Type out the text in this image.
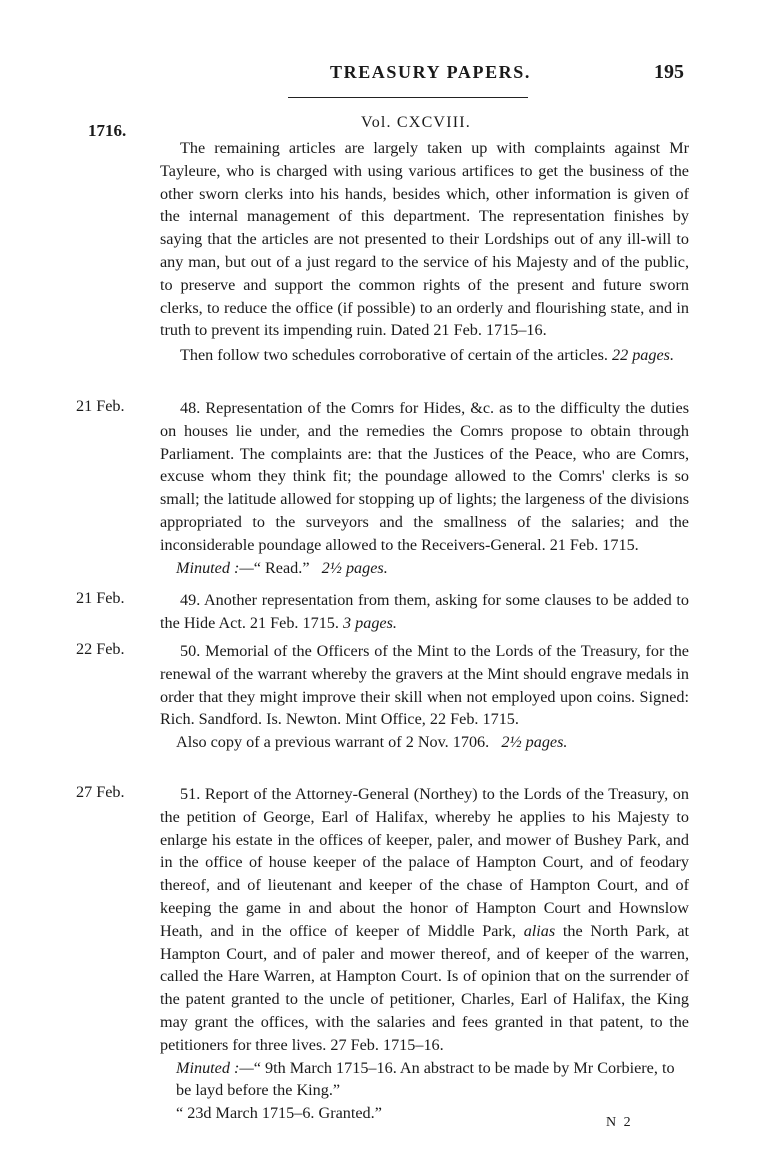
TREASURY PAPERS.	195
Vol. CXCVIII.
1716.

The remaining articles are largely taken up with complaints against Mr Tayleure, who is charged with using various artifices to get the business of the other sworn clerks into his hands, besides which, other information is given of the internal management of this department. The representation finishes by saying that the articles are not presented to their Lordships out of any ill-will to any man, but out of a just regard to the service of his Majesty and of the public, to preserve and support the common rights of the present and future sworn clerks, to reduce the office (if possible) to an orderly and flourishing state, and in truth to prevent its impending ruin. Dated 21 Feb. 1715–16.

Then follow two schedules corroborative of certain of the articles. 22 pages.

21 Feb.	48. Representation of the Comrs for Hides, &c. as to the difficulty the duties on houses lie under, and the remedies the Comrs propose to obtain through Parliament. The complaints are: that the Justices of the Peace, who are Comrs, excuse whom they think fit; the poundage allowed to the Comrs' clerks is so small; the latitude allowed for stopping up of lights; the largeness of the divisions appropriated to the surveyors and the smallness of the salaries; and the inconsiderable poundage allowed to the Receivers-General. 21 Feb. 1715.

Minuted :—“ Read.” 2½ pages.

21 Feb.	49. Another representation from them, asking for some clauses to be added to the Hide Act. 21 Feb. 1715. 3 pages.

22 Feb.	50. Memorial of the Officers of the Mint to the Lords of the Treasury, for the renewal of the warrant whereby the gravers at the Mint should engrave medals in order that they might improve their skill when not employed upon coins. Signed: Rich. Sandford. Is. Newton. Mint Office, 22 Feb. 1715.

Also copy of a previous warrant of 2 Nov. 1706. 2½ pages.

27 Feb.	51. Report of the Attorney-General (Northey) to the Lords of the Treasury, on the petition of George, Earl of Halifax, whereby he applies to his Majesty to enlarge his estate in the offices of keeper, paler, and mower of Bushey Park, and in the office of house keeper of the palace of Hampton Court, and of feodary thereof, and of lieutenant and keeper of the chase of Hampton Court, and of keeping the game in and about the honor of Hampton Court and Hownslow Heath, and in the office of keeper of Middle Park, alias the North Park, at Hampton Court, and of paler and mower thereof, and of keeper of the warren, called the Hare Warren, at Hampton Court. Is of opinion that on the surrender of the patent granted to the uncle of petitioner, Charles, Earl of Halifax, the King may grant the offices, with the salaries and fees granted in that patent, to the petitioners for three lives. 27 Feb. 1715–16.

Minuted :—“ 9th March 1715–16. An abstract to be made by Mr Corbiere, to be layd before the King.”

“ 23d March 1715–6. Granted.”

N 2
